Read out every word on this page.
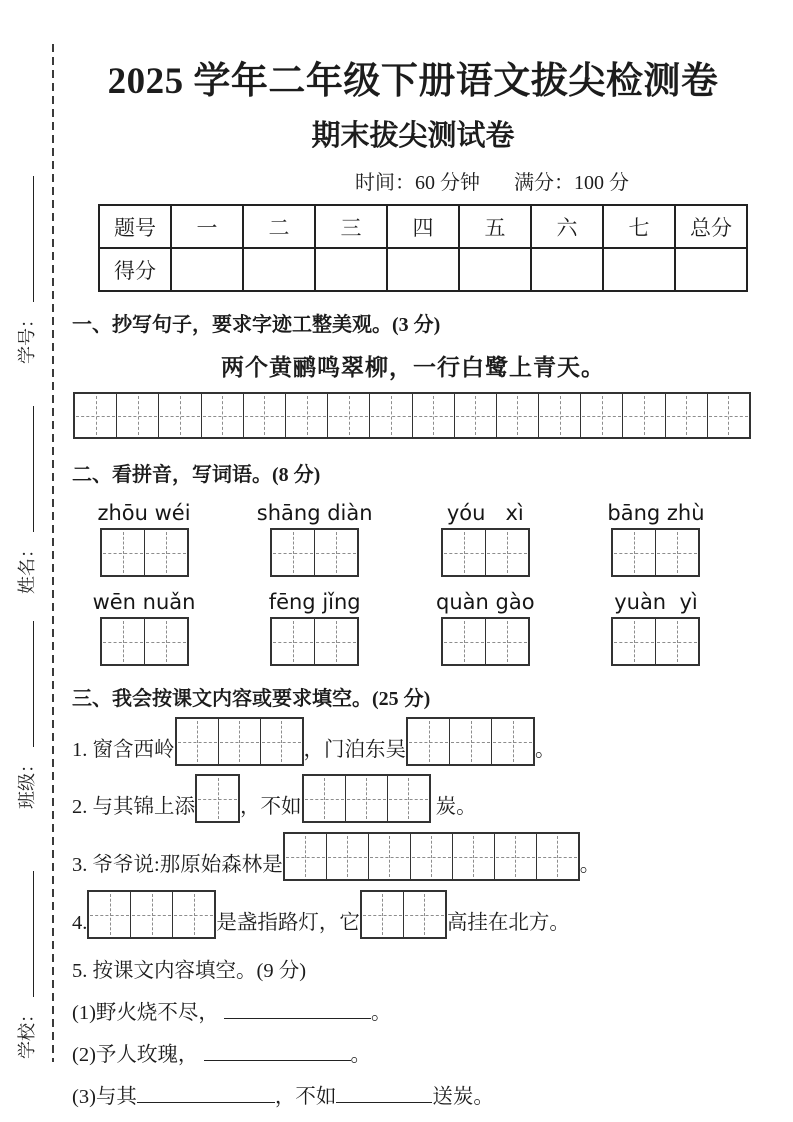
学号：
姓名：
班级：
学校：
2025 学年二年级下册语文拔尖检测卷
期末拔尖测试卷
时间：60 分钟 满分：100 分
题号	一	二	三	四	五	六	七	总分
得分								
一、抄写句子，要求字迹工整美观。(3 分)
两个黄鹂鸣翠柳，一行白鹭上青天。
二、看拼音，写词语。(8 分)
zhōu wéi	shāng diàn	yóu   xì	bāng zhù
wēn nuǎn	fēng jǐng	quàn gào	yuàn  yì
三、我会按课文内容或要求填空。(25 分)
1. 窗含西岭	，门泊东吴	。
2. 与其锦上添 ，不如	炭。
3. 爷爷说:那原始森林是	。
4.	是盏指路灯，它	高挂在北方。
5. 按课文内容填空。(9 分)
(1)野火烧不尽，	。
(2)予人玫瑰，	。
(3)与其	，不如	送炭。
